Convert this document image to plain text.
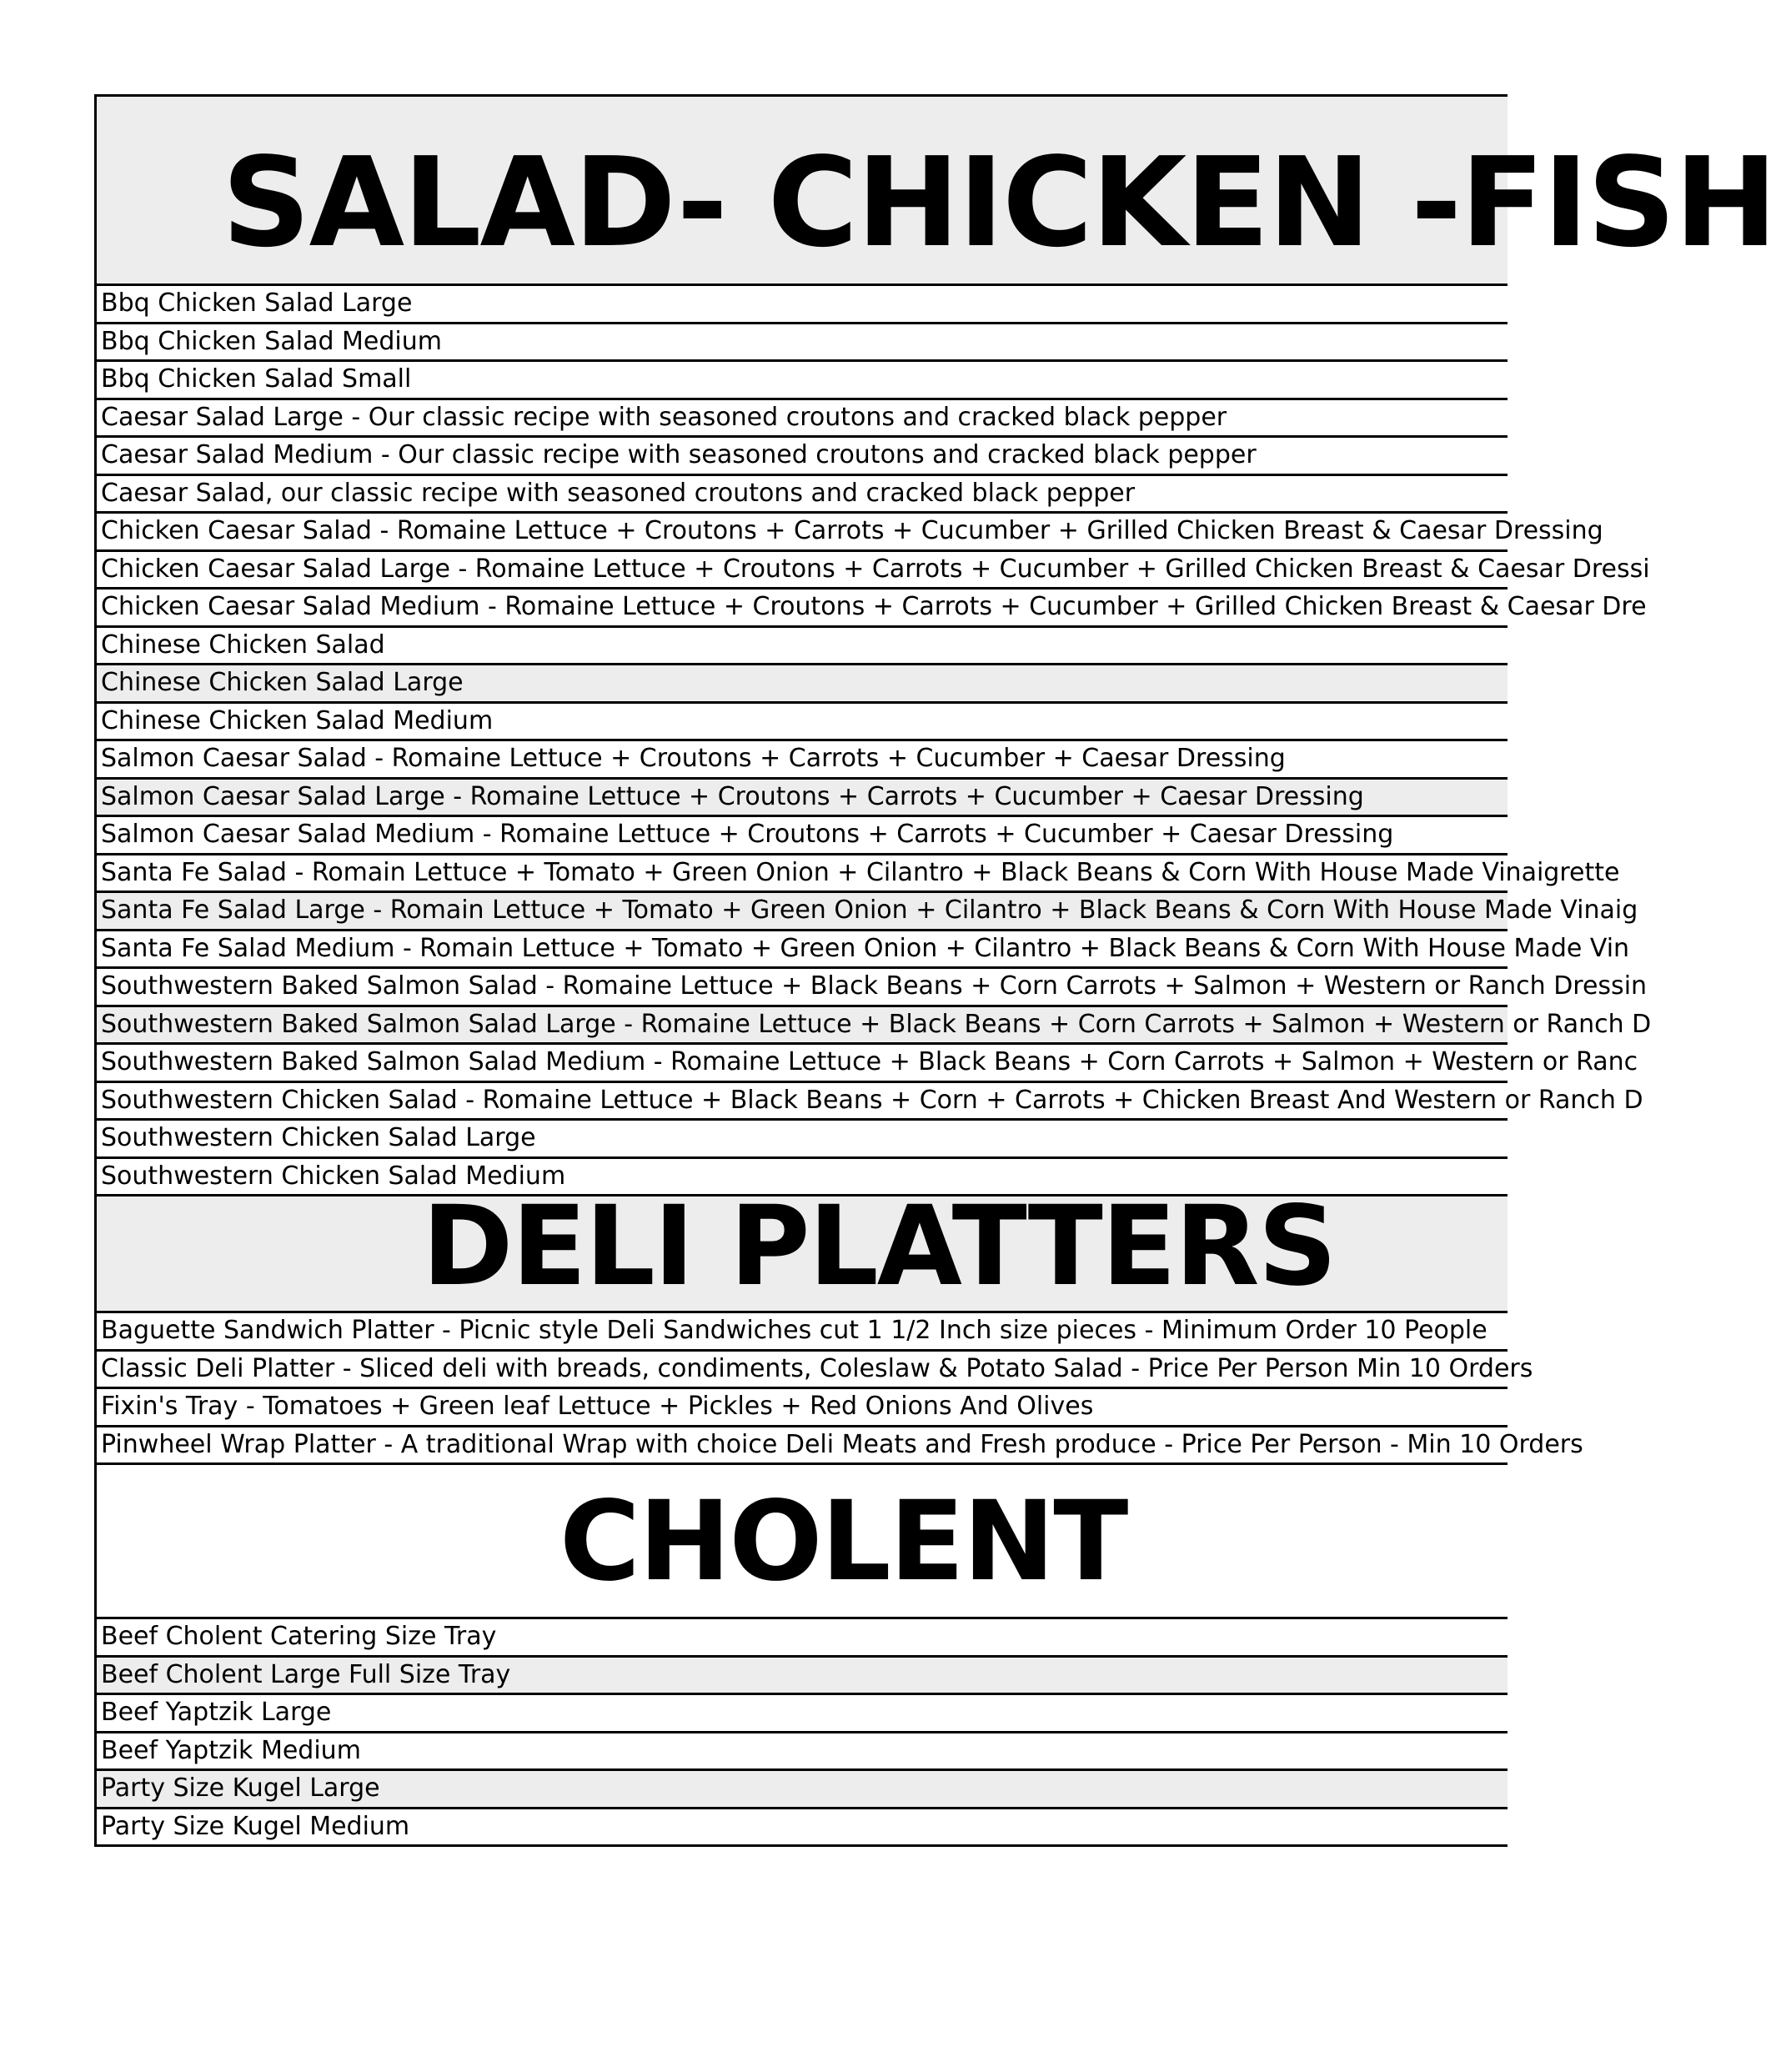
SALAD- CHICKEN -FISH
Bbq Chicken Salad Large
Bbq Chicken Salad Medium
Bbq Chicken Salad Small
Caesar Salad Large - Our classic recipe with seasoned croutons and cracked black pepper
Caesar Salad Medium - Our classic recipe with seasoned croutons and cracked black pepper
Caesar Salad, our classic recipe with seasoned croutons and cracked black pepper
Chicken Caesar Salad - Romaine Lettuce + Croutons + Carrots + Cucumber + Grilled Chicken Breast & Caesar Dressing
Chicken Caesar Salad Large - Romaine Lettuce + Croutons + Carrots + Cucumber + Grilled Chicken Breast & Caesar Dressi
Chicken Caesar Salad Medium - Romaine Lettuce + Croutons + Carrots + Cucumber + Grilled Chicken Breast & Caesar Dre
Chinese Chicken Salad
Chinese Chicken Salad Large
Chinese Chicken Salad Medium
Salmon Caesar Salad - Romaine Lettuce + Croutons + Carrots + Cucumber + Caesar Dressing
Salmon Caesar Salad Large - Romaine Lettuce + Croutons + Carrots + Cucumber + Caesar Dressing
Salmon Caesar Salad Medium - Romaine Lettuce + Croutons + Carrots + Cucumber + Caesar Dressing
Santa Fe Salad - Romain Lettuce + Tomato + Green Onion + Cilantro + Black Beans & Corn With House Made Vinaigrette
Santa Fe Salad Large - Romain Lettuce + Tomato + Green Onion + Cilantro + Black Beans & Corn With House Made Vinaig
Santa Fe Salad Medium - Romain Lettuce + Tomato + Green Onion + Cilantro + Black Beans & Corn With House Made Vin
Southwestern Baked Salmon Salad - Romaine Lettuce + Black Beans + Corn Carrots + Salmon + Western or Ranch Dressin
Southwestern Baked Salmon Salad Large - Romaine Lettuce + Black Beans + Corn Carrots + Salmon + Western or Ranch D
Southwestern Baked Salmon Salad Medium - Romaine Lettuce + Black Beans + Corn Carrots + Salmon + Western or Ranc
Southwestern Chicken Salad - Romaine Lettuce + Black Beans + Corn + Carrots + Chicken Breast And Western or Ranch D
Southwestern Chicken Salad Large
Southwestern Chicken Salad Medium
DELI PLATTERS
Baguette Sandwich Platter - Picnic style Deli Sandwiches cut 1 1/2 Inch size pieces - Minimum Order 10 People
Classic Deli Platter - Sliced deli with breads, condiments, Coleslaw & Potato Salad - Price Per Person Min 10 Orders
Fixin's Tray - Tomatoes + Green leaf Lettuce + Pickles + Red Onions And Olives
Pinwheel Wrap Platter - A traditional Wrap with choice Deli Meats and Fresh produce - Price Per Person - Min 10 Orders
CHOLENT
Beef Cholent Catering Size Tray
Beef Cholent Large Full Size Tray
Beef Yaptzik Large
Beef Yaptzik Medium
Party Size Kugel Large
Party Size Kugel Medium
